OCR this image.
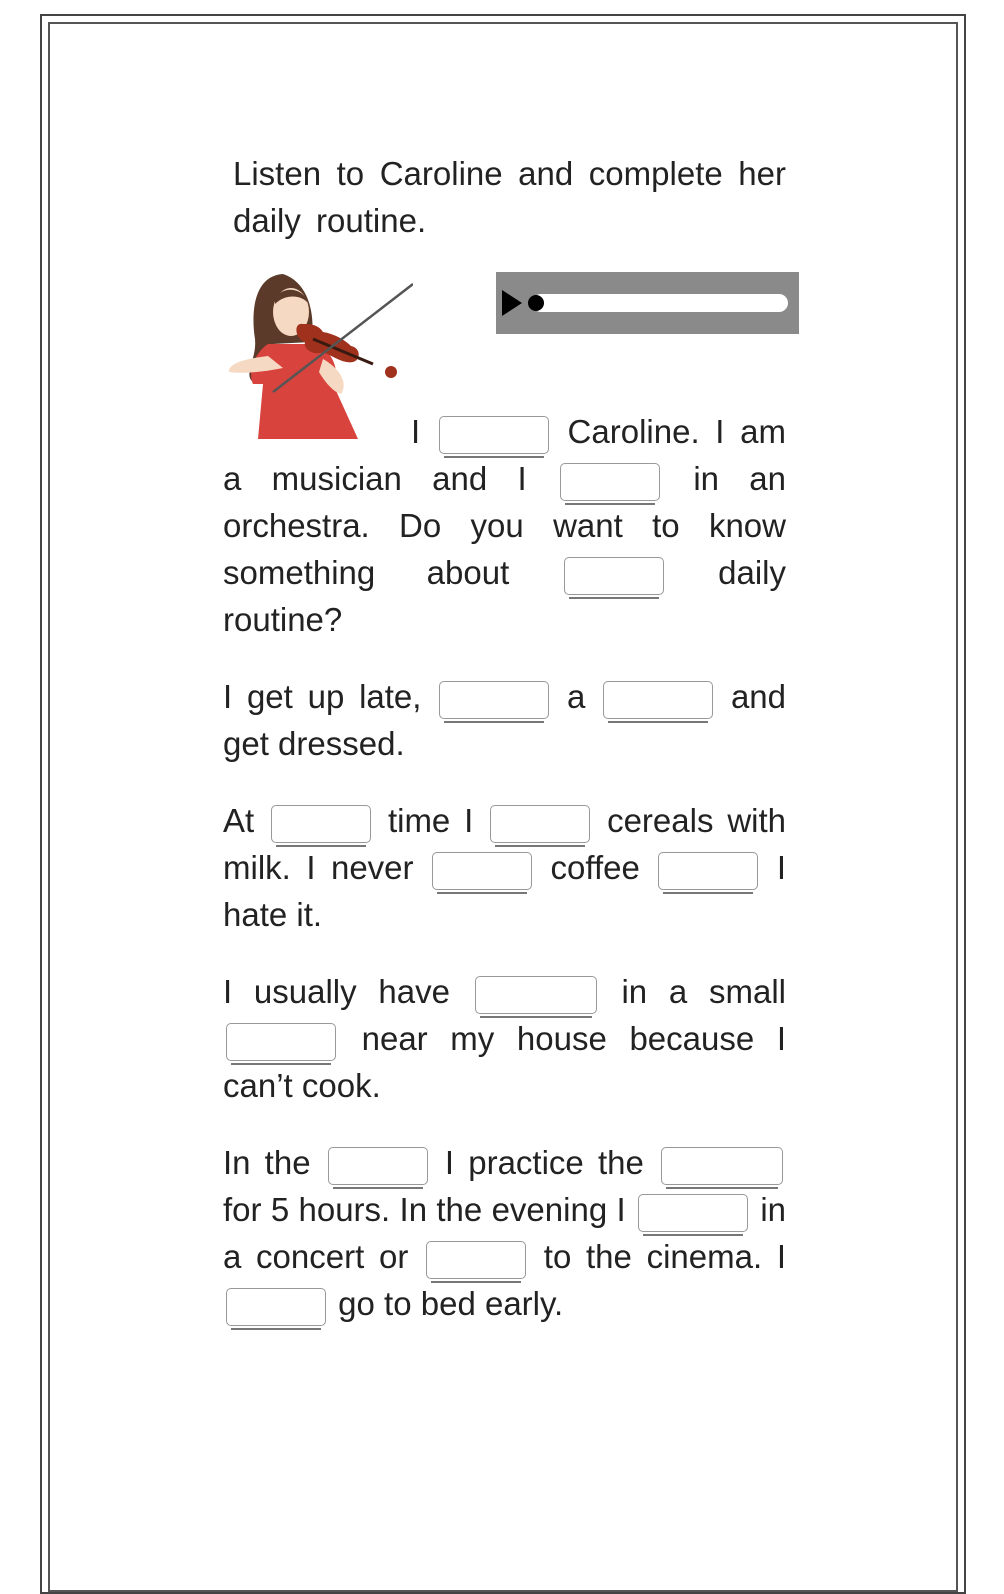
Listen to Caroline and complete her daily routine.

I	Caroline. I am a musician and I	in an orchestra. Do you want to know something about	daily routine?

I get up late,	a	and get dressed.

At	time I	cereals with milk. I never	coffee	I hate it.

I usually have	in a small  near my house because I can’t cook.

In the	I practice the  for 5 hours. In the evening I	in a concert or	to the cinema. I  go to bed early.
